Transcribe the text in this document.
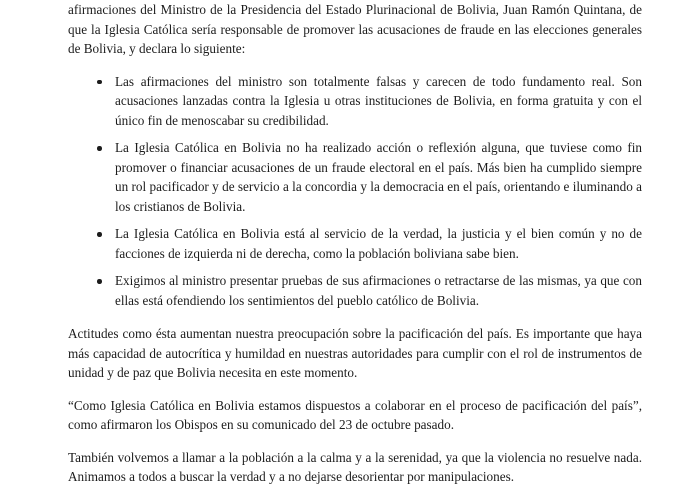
afirmaciones del Ministro de la Presidencia del Estado Plurinacional de Bolivia, Juan Ramón Quintana, de que la Iglesia Católica sería responsable de promover las acusaciones de fraude en las elecciones generales de Bolivia, y declara lo siguiente:

Las afirmaciones del ministro son totalmente falsas y carecen de todo fundamento real. Son acusaciones lanzadas contra la Iglesia u otras instituciones de Bolivia, en forma gratuita y con el único fin de menoscabar su credibilidad.
La Iglesia Católica en Bolivia no ha realizado acción o reflexión alguna, que tuviese como fin promover o financiar acusaciones de un fraude electoral en el país. Más bien ha cumplido siempre un rol pacificador y de servicio a la concordia y la democracia en el país, orientando e iluminando a los cristianos de Bolivia.
La Iglesia Católica en Bolivia está al servicio de la verdad, la justicia y el bien común y no de facciones de izquierda ni de derecha, como la población boliviana sabe bien.
Exigimos al ministro presentar pruebas de sus afirmaciones o retractarse de las mismas, ya que con ellas está ofendiendo los sentimientos del pueblo católico de Bolivia.

Actitudes como ésta aumentan nuestra preocupación sobre la pacificación del país. Es importante que haya más capacidad de autocrítica y humildad en nuestras autoridades para cumplir con el rol de instrumentos de unidad y de paz que Bolivia necesita en este momento.

“Como Iglesia Católica en Bolivia estamos dispuestos a colaborar en el proceso de pacificación del país”, como afirmaron los Obispos en su comunicado del 23 de octubre pasado.

También volvemos a llamar a la población a la calma y a la serenidad, ya que la violencia no resuelve nada. Animamos a todos a buscar la verdad y a no dejarse desorientar por manipulaciones.
